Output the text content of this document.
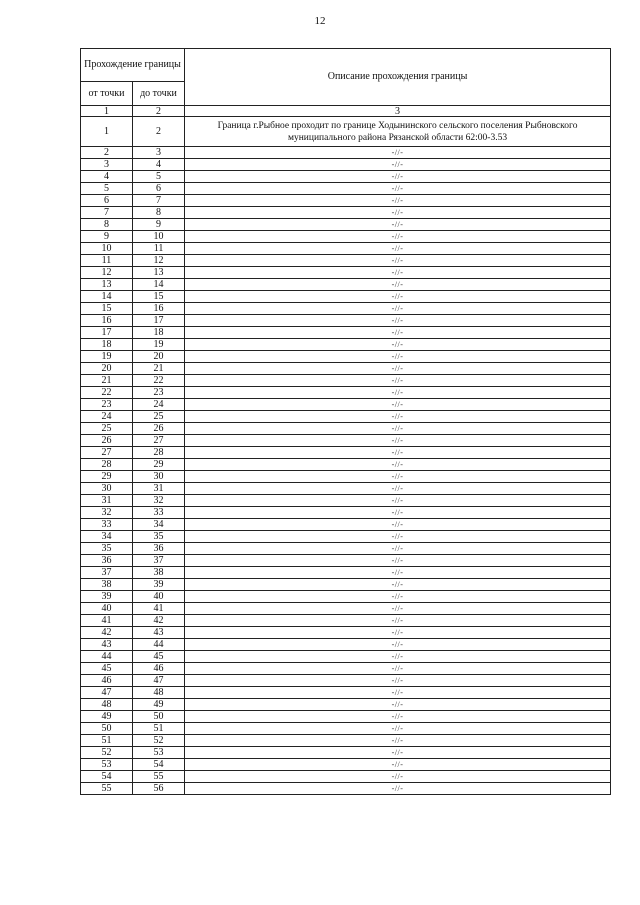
12
Прохождение границы		Описание прохождения границы
от точки	до точки	
1	2	3
1	2	Граница г.Рыбное проходит по границе Ходынинского сельского поселения Рыбновского муниципального района Рязанской области 62:00-3.53
2	3	-//-
3	4	-//-
4	5	-//-
5	6	-//-
6	7	-//-
7	8	-//-
8	9	-//-
9	10	-//-
10	11	-//-
11	12	-//-
12	13	-//-
13	14	-//-
14	15	-//-
15	16	-//-
16	17	-//-
17	18	-//-
18	19	-//-
19	20	-//-
20	21	-//-
21	22	-//-
22	23	-//-
23	24	-//-
24	25	-//-
25	26	-//-
26	27	-//-
27	28	-//-
28	29	-//-
29	30	-//-
30	31	-//-
31	32	-//-
32	33	-//-
33	34	-//-
34	35	-//-
35	36	-//-
36	37	-//-
37	38	-//-
38	39	-//-
39	40	-//-
40	41	-//-
41	42	-//-
42	43	-//-
43	44	-//-
44	45	-//-
45	46	-//-
46	47	-//-
47	48	-//-
48	49	-//-
49	50	-//-
50	51	-//-
51	52	-//-
52	53	-//-
53	54	-//-
54	55	-//-
55	56	-//-
